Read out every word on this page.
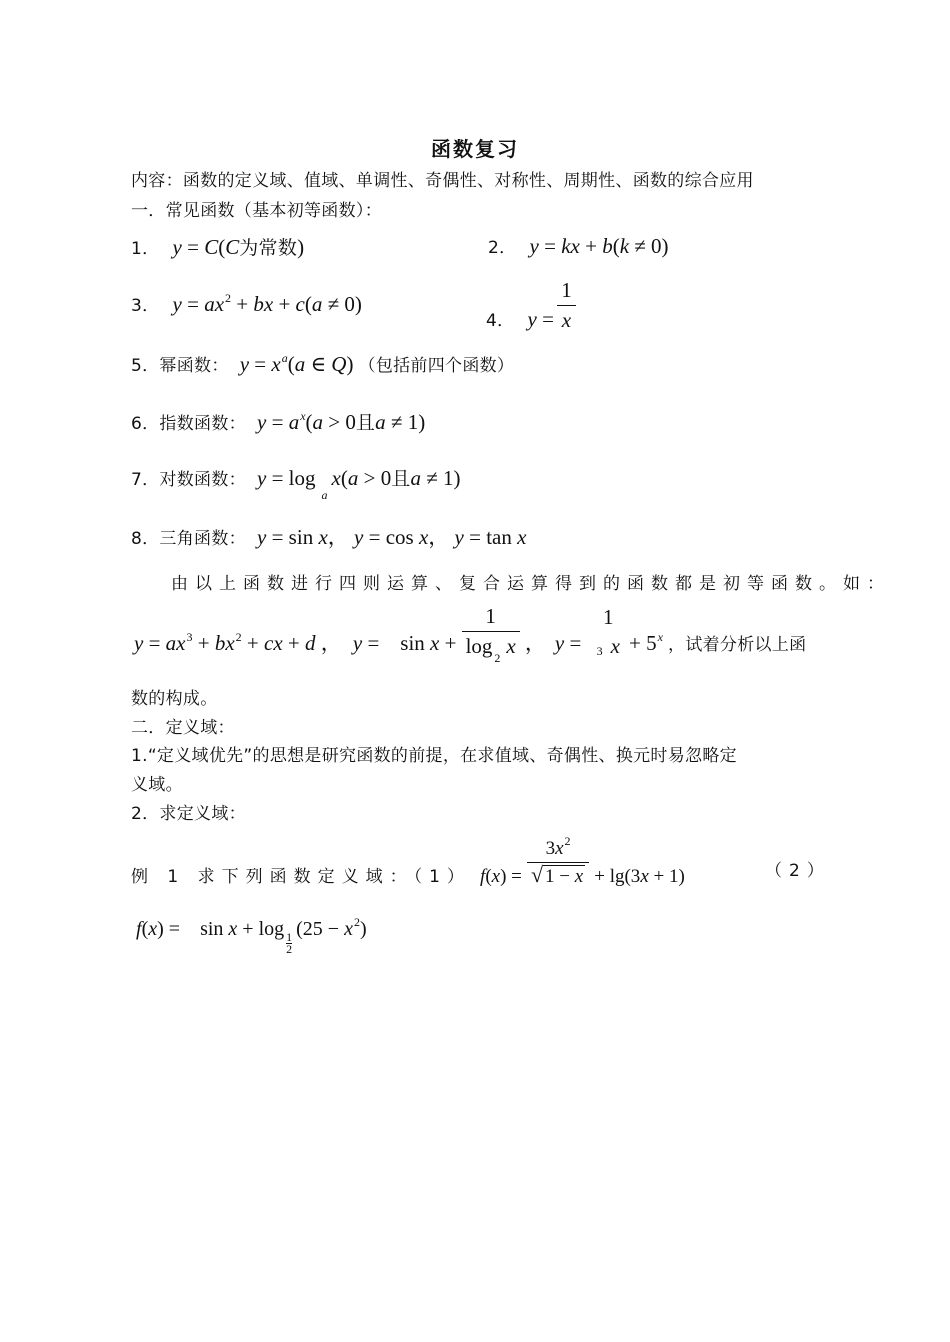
函数复习
内容：函数的定义域、值域、单调性、奇偶性、对称性、周期性、函数的综合应用
一．常见函数（基本初等函数）：
1． y = C(C为常数)	2． y = kx + b(k ≠ 0)
3． $y = ax^2$ + bx + c(a ≠ 0)
4． y =
$\frac{1}{x}$
5．幂函数： $y = x^a(a$ ∈ Q) （包括前四个函数）
6．指数函数： $y = a^x(a > 0$且a ≠ 1)
7．对数函数： $y = \log_ax(a > 0$且a ≠ 1)
8．三角函数： y = sin x， y = cos x， y = tan x
由以上函数进行四则运算、复合运算得到的函数都是初等函数。如：
$y = ax^3 + bx^2$ + cx + d ， y =    $\sin x + \frac{1}{\log _2 x}$ ， y =
1
3 $x + 5^x$ ，试着分析以上函
数的构成。
二．定义域：
1.“定义域优先”的思想是研究函数的前提，在求值域、奇偶性、换元时易忽略定
义域。
2．求定义域：
例 1 求下列函数定义域：（1） $f(x) = \frac{3x^2}{√ 1 - x} + \lg(3x + 1)$	（2）
f(x) =    sin x + log 1
$2(25 - x^2)$
